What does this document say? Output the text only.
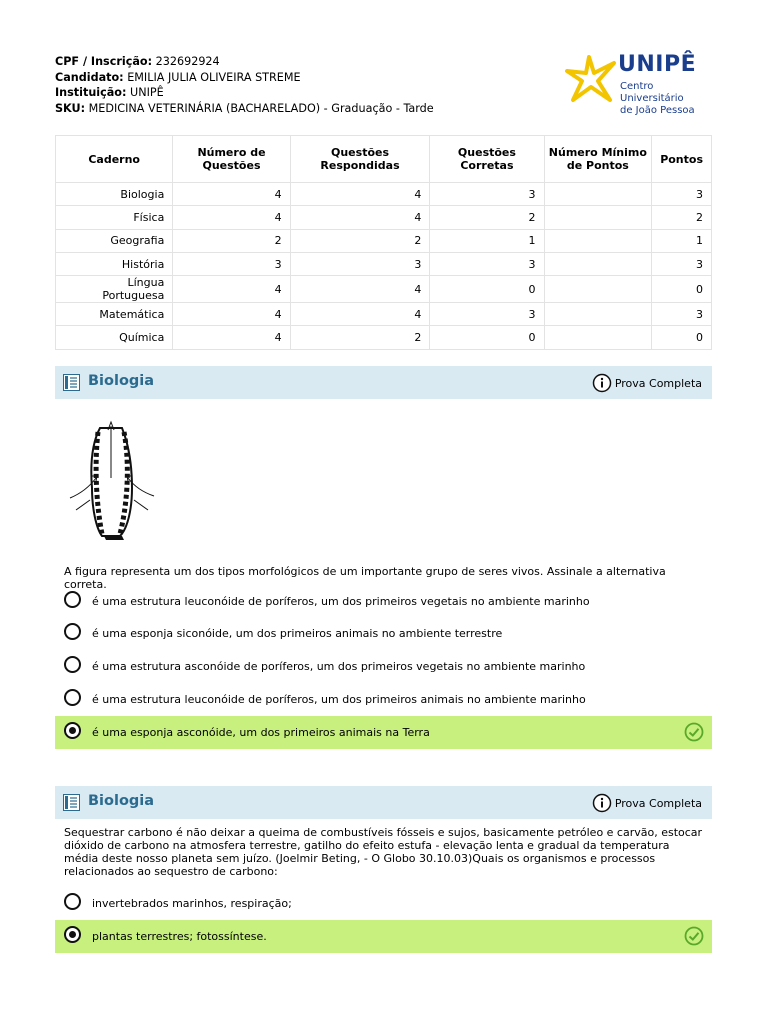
CPF / Inscrição: 232692924
Candidato: EMILIA JULIA OLIVEIRA STREME
Instituição: UNIPÊ
SKU: MEDICINA VETERINÁRIA (BACHARELADO) - Graduação - Tarde
UNIPÊ
Centro Universitário
de João Pessoa
Caderno	Número de Questões	Questões Respondidas	Questões Corretas	Número Mínimo de Pontos	Pontos
Biologia	4	4	3		3
Física	4	4	2		2
Geografia	2	2	1		1
História	3	3	3		3
Língua Portuguesa	4	4	0		0
Matemática	4	4	3		3
Química	4	2	0		0
Biologia	Prova Completa
A figura representa um dos tipos morfológicos de um importante grupo de seres vivos. Assinale a alternativa correta.
é uma estrutura leuconóide de poríferos, um dos primeiros vegetais no ambiente marinho
é uma esponja siconóide, um dos primeiros animais no ambiente terrestre
é uma estrutura asconóide de poríferos, um dos primeiros vegetais no ambiente marinho
é uma estrutura leuconóide de poríferos, um dos primeiros animais no ambiente marinho
é uma esponja asconóide, um dos primeiros animais na Terra
Biologia	Prova Completa
Sequestrar carbono é não deixar a queima de combustíveis fósseis e sujos, basicamente petróleo e carvão, estocar dióxido de carbono na atmosfera terrestre, gatilho do efeito estufa - elevação lenta e gradual da temperatura média deste nosso planeta sem juízo. (Joelmir Beting, - O Globo 30.10.03)Quais os organismos e processos relacionados ao sequestro de carbono:
invertebrados marinhos, respiração;
plantas terrestres; fotossíntese.
